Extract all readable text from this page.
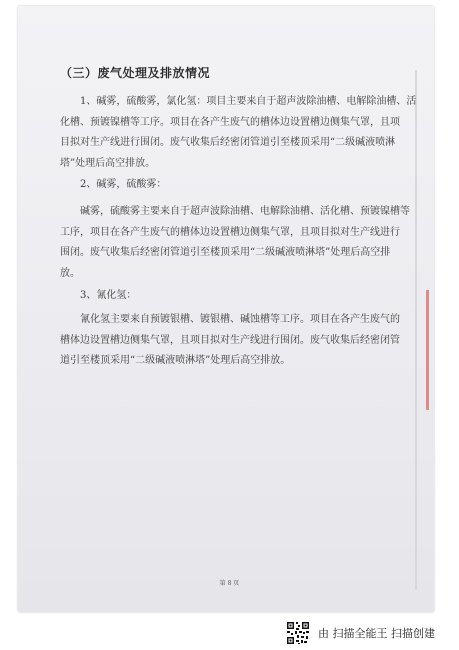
（三）废气处理及排放情况
1、碱雾，硫酸雾，氯化氢：项目主要来自于超声波除油槽、电解除油槽、活
化槽、预镀镍槽等工序。项目在各产生废气的槽体边设置槽边侧集气罩，且项
目拟对生产线进行围闭。废气收集后经密闭管道引至楼顶采用“二级碱液喷淋
塔”处理后高空排放。
2、碱雾，硫酸雾：
碱雾，硫酸雾主要来自于超声波除油槽、电解除油槽、活化槽、预镀镍槽等
工序，项目在各产生废气的槽体边设置槽边侧集气罩，且项目拟对生产线进行
围闭。废气收集后经密闭管道引至楼顶采用“二级碱液喷淋塔”处理后高空排
放。
3、氰化氢：
氰化氢主要来自预镀银槽、镀银槽、碱蚀槽等工序。项目在各产生废气的
槽体边设置槽边侧集气罩，且项目拟对生产线进行围闭。废气收集后经密闭管
道引至楼顶采用“二级碱液喷淋塔”处理后高空排放。
第 8 页
由 扫描全能王 扫描创建
